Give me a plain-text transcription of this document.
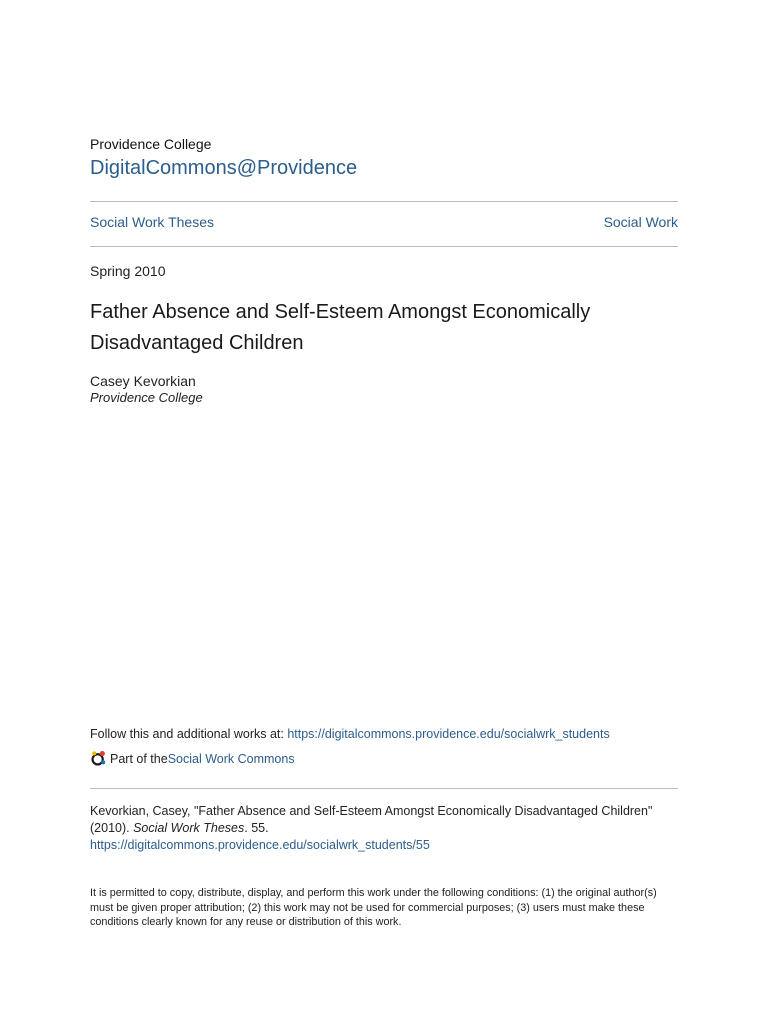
Providence College
DigitalCommons@Providence
Social Work Theses	Social Work
Spring 2010
Father Absence and Self-Esteem Amongst Economically Disadvantaged Children
Casey Kevorkian
Providence College
Follow this and additional works at: https://digitalcommons.providence.edu/socialwrk_students
Part of the Social Work Commons
Kevorkian, Casey, "Father Absence and Self-Esteem Amongst Economically Disadvantaged Children" (2010). Social Work Theses. 55.
https://digitalcommons.providence.edu/socialwrk_students/55
It is permitted to copy, distribute, display, and perform this work under the following conditions: (1) the original author(s) must be given proper attribution; (2) this work may not be used for commercial purposes; (3) users must make these conditions clearly known for any reuse or distribution of this work.
